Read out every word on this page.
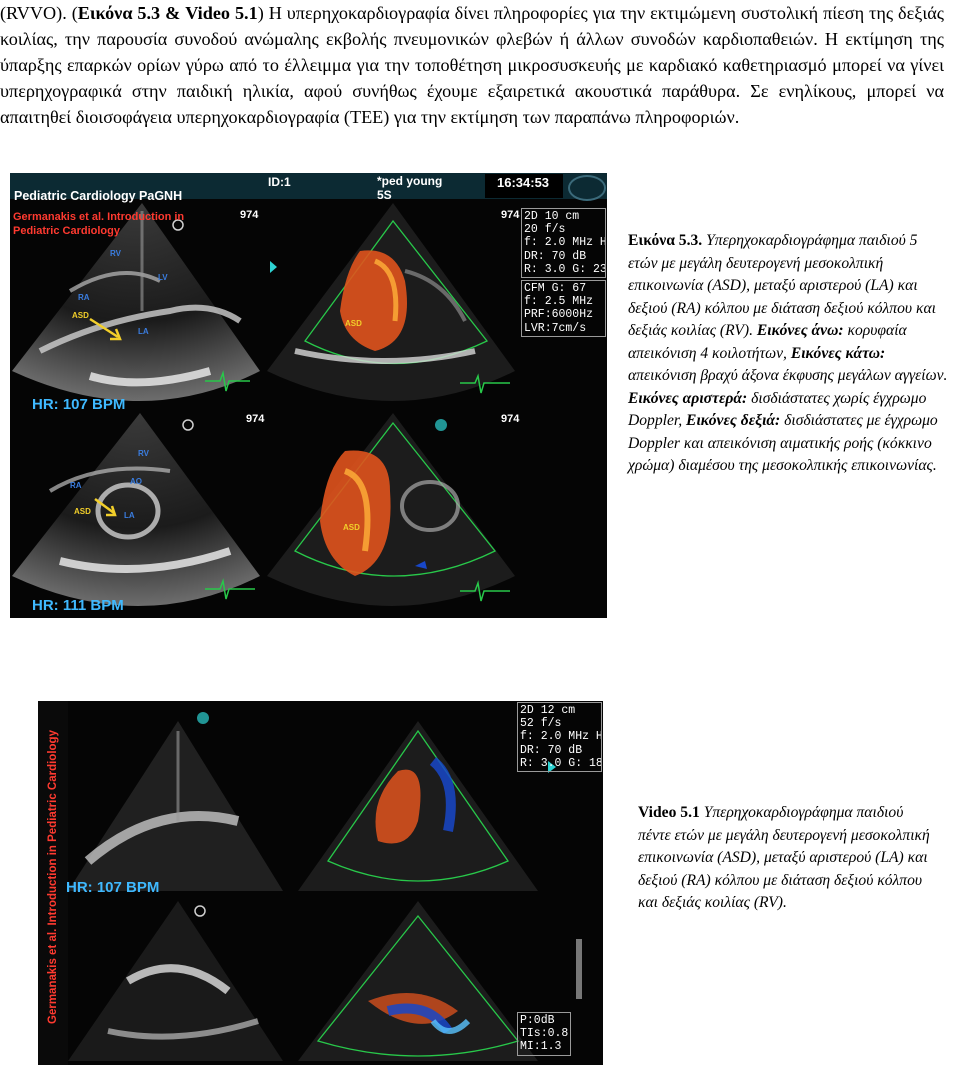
(RVVO). (Εικόνα 5.3 & Video 5.1) Η υπερηχοκαρδιογραφία δίνει πληροφορίες για την εκτιμώμενη συστολική πίεση της δεξιάς κοιλίας, την παρουσία συνοδού ανώμαλης εκβολής πνευμονικών φλεβών ή άλλων συνοδών καρδιοπαθειών. Η εκτίμηση της ύπαρξης επαρκών ορίων γύρω από το έλλειμμα για την τοποθέτηση μικροσυσκευής με καρδιακό καθετηριασμό μπορεί να γίνει υπερηχογραφικά στην παιδική ηλικία, αφού συνήθως έχουμε εξαιρετικά ακουστικά παράθυρα. Σε ενηλίκους, μπορεί να απαιτηθεί διοισοφάγεια υπερηχοκαρδιογραφία (TEE) για την εκτίμηση των παραπάνω πληροφοριών.

Pediatric Cardiology PaGNH
ID:1	*ped young
5S
16:34:53
Germanakis et al. Introduction in
Pediatric Cardiology
974
RV
LV
RA
ASD
LA
HR: 107 BPM
974
ASD
974
RV
RA	AO
ASD	LA
HR: 111 BPM
974
ASD
2D 10 cm
20 f/s
f: 2.0 MHz H
DR: 70 dB
R: 3.0 G: 23
CFM G: 67
f: 2.5 MHz
PRF:6000Hz
LVR:7cm/s
Εικόνα 5.3. Υπερηχοκαρδιογράφημα παιδιού 5 ετών με μεγάλη δευτερογενή μεσοκολπική επικοινωνία (ASD), μεταξύ αριστερού (LA) και δεξιού (RA) κόλπου με διάταση δεξιού κόλπου και δεξιάς κοιλίας (RV). Εικόνες άνω: κορυφαία απεικόνιση 4 κοιλοτήτων, Εικόνες κάτω: απεικόνιση βραχύ άξονα έκφυσης μεγάλων αγγείων. Εικόνες αριστερά: δισδιάστατες χωρίς έγχρωμο Doppler, Εικόνες δεξιά: δισδιάστατες με έγχρωμο Doppler και απεικόνιση αιματικής ροής (κόκκινο χρώμα) διαμέσου της μεσοκολπικής επικοινωνίας.
Germanakis et al. Introduction in Pediatric Cardiology HR: 107 BPM
2D 12 cm
52 f/s
f: 2.0 MHz H
DR: 70 dB
R: 3.0 G: 18
P:0dB
TIs:0.8
MI:1.3
Video 5.1 Υπερηχοκαρδιογράφημα παιδιού πέντε ετών με μεγάλη δευτερογενή μεσοκολπική επικοινωνία (ASD), μεταξύ αριστερού (LA) και δεξιού (RA) κόλπου με διάταση δεξιού κόλπου και δεξιάς κοιλίας (RV).
